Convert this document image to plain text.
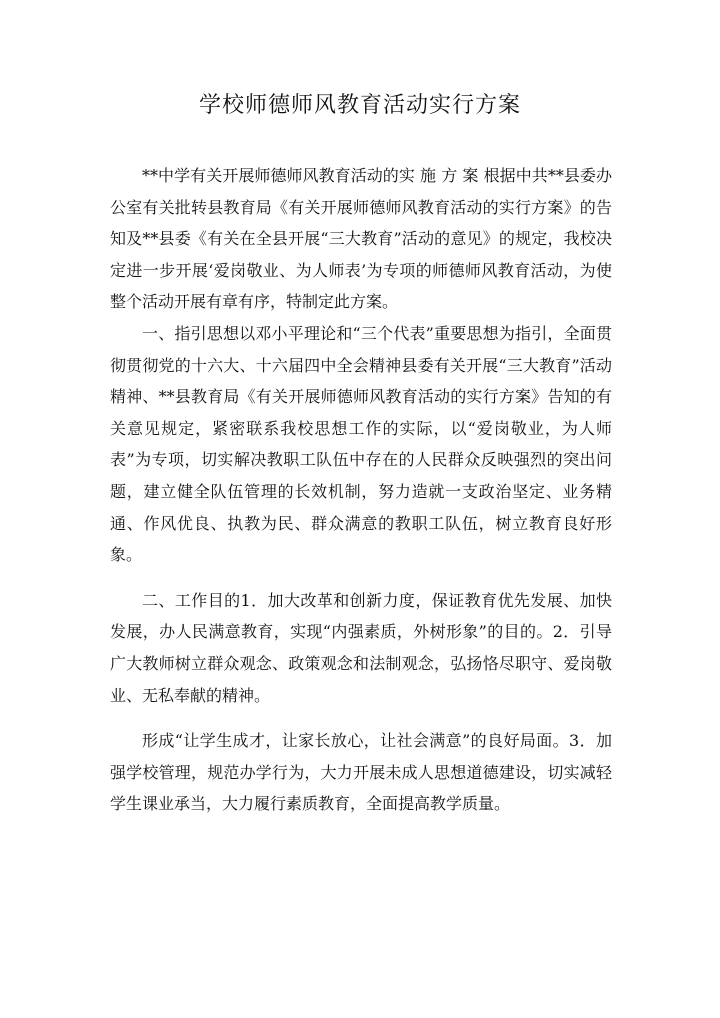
学校师德师风教育活动实行方案

**中学有关开展师德师风教育活动的实 施 方 案 根据中共**县委办公室有关批转县教育局《有关开展师德师风教育活动的实行方案》的告知及**县委《有关在全县开展“三大教育”活动的意见》的规定，我校决定进一步开展‘爱岗敬业、为人师表’为专项的师德师风教育活动，为使整个活动开展有章有序，特制定此方案。

一、指引思想以邓小平理论和“三个代表”重要思想为指引，全面贯彻贯彻党的十六大、十六届四中全会精神县委有关开展“三大教育”活动精神、**县教育局《有关开展师德师风教育活动的实行方案》告知的有关意见规定，紧密联系我校思想工作的实际，以“爱岗敬业，为人师表”为专项，切实解决教职工队伍中存在的人民群众反映强烈的突出问题，建立健全队伍管理的长效机制，努力造就一支政治坚定、业务精通、作风优良、执教为民、群众满意的教职工队伍，树立教育良好形象。

二、工作目的1．加大改革和创新力度，保证教育优先发展、加快发展，办人民满意教育，实现“内强素质，外树形象”的目的。2．引导广大教师树立群众观念、政策观念和法制观念，弘扬恪尽职守、爱岗敬业、无私奉献的精神。

形成“让学生成才，让家长放心，让社会满意”的良好局面。3．加强学校管理，规范办学行为，大力开展未成人思想道德建设，切实减轻学生课业承当，大力履行素质教育，全面提高教学质量。
